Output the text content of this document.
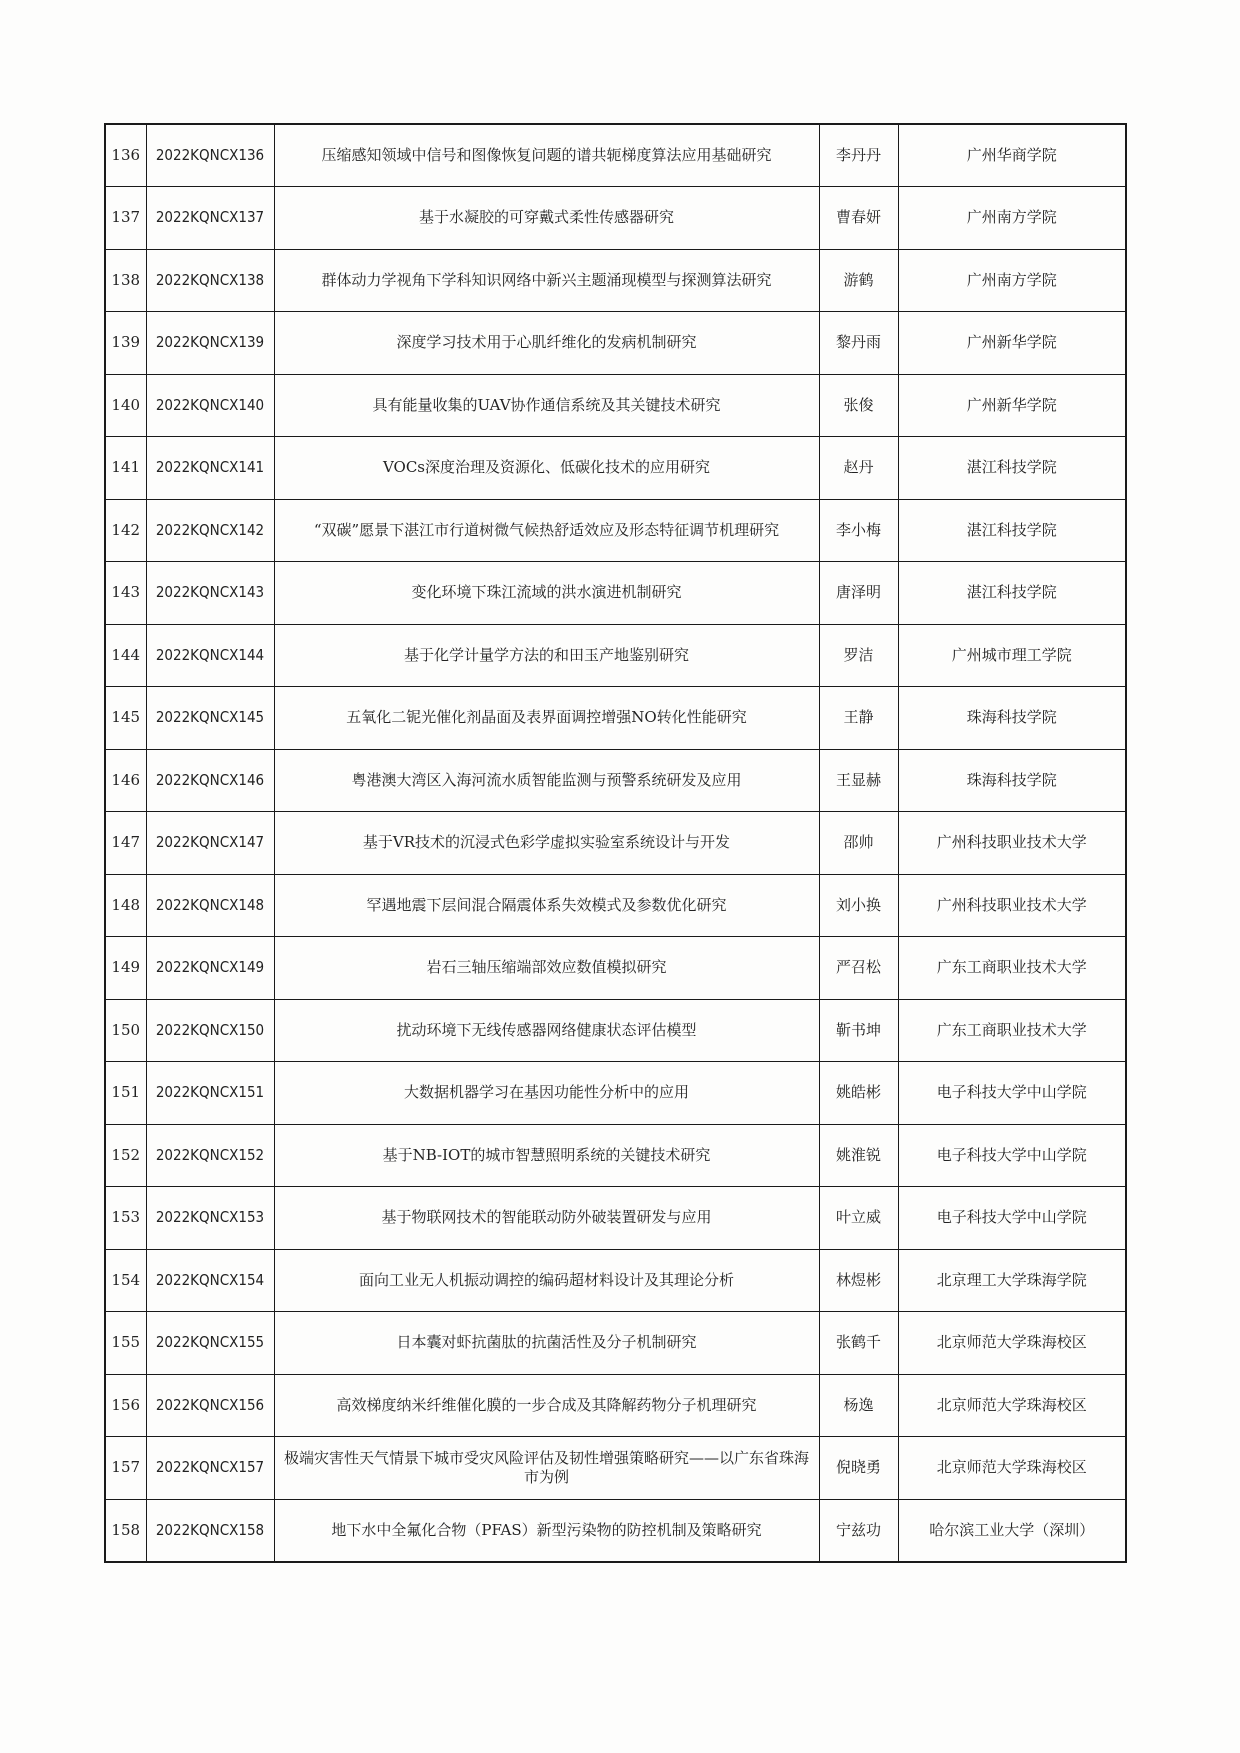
136	2022KQNCX136	压缩感知领域中信号和图像恢复问题的谱共轭梯度算法应用基础研究	李丹丹	广州华商学院
137	2022KQNCX137	基于水凝胶的可穿戴式柔性传感器研究	曹春妍	广州南方学院
138	2022KQNCX138	群体动力学视角下学科知识网络中新兴主题涌现模型与探测算法研究	游鹤	广州南方学院
139	2022KQNCX139	深度学习技术用于心肌纤维化的发病机制研究	黎丹雨	广州新华学院
140	2022KQNCX140	具有能量收集的UAV协作通信系统及其关键技术研究	张俊	广州新华学院
141	2022KQNCX141	VOCs深度治理及资源化、低碳化技术的应用研究	赵丹	湛江科技学院
142	2022KQNCX142	“双碳”愿景下湛江市行道树微气候热舒适效应及形态特征调节机理研究	李小梅	湛江科技学院
143	2022KQNCX143	变化环境下珠江流域的洪水演进机制研究	唐泽明	湛江科技学院
144	2022KQNCX144	基于化学计量学方法的和田玉产地鉴别研究	罗洁	广州城市理工学院
145	2022KQNCX145	五氧化二铌光催化剂晶面及表界面调控增强NO转化性能研究	王静	珠海科技学院
146	2022KQNCX146	粤港澳大湾区入海河流水质智能监测与预警系统研发及应用	王显赫	珠海科技学院
147	2022KQNCX147	基于VR技术的沉浸式色彩学虚拟实验室系统设计与开发	邵帅	广州科技职业技术大学
148	2022KQNCX148	罕遇地震下层间混合隔震体系失效模式及参数优化研究	刘小换	广州科技职业技术大学
149	2022KQNCX149	岩石三轴压缩端部效应数值模拟研究	严召松	广东工商职业技术大学
150	2022KQNCX150	扰动环境下无线传感器网络健康状态评估模型	靳书坤	广东工商职业技术大学
151	2022KQNCX151	大数据机器学习在基因功能性分析中的应用	姚皓彬	电子科技大学中山学院
152	2022KQNCX152	基于NB-IOT的城市智慧照明系统的关键技术研究	姚淮锐	电子科技大学中山学院
153	2022KQNCX153	基于物联网技术的智能联动防外破装置研发与应用	叶立威	电子科技大学中山学院
154	2022KQNCX154	面向工业无人机振动调控的编码超材料设计及其理论分析	林煜彬	北京理工大学珠海学院
155	2022KQNCX155	日本囊对虾抗菌肽的抗菌活性及分子机制研究	张鹤千	北京师范大学珠海校区
156	2022KQNCX156	高效梯度纳米纤维催化膜的一步合成及其降解药物分子机理研究	杨逸	北京师范大学珠海校区
157	2022KQNCX157	极端灾害性天气情景下城市受灾风险评估及韧性增强策略研究——以广东省珠海市为例	倪晓勇	北京师范大学珠海校区
158	2022KQNCX158	地下水中全氟化合物（PFAS）新型污染物的防控机制及策略研究	宁兹功	哈尔滨工业大学（深圳）
